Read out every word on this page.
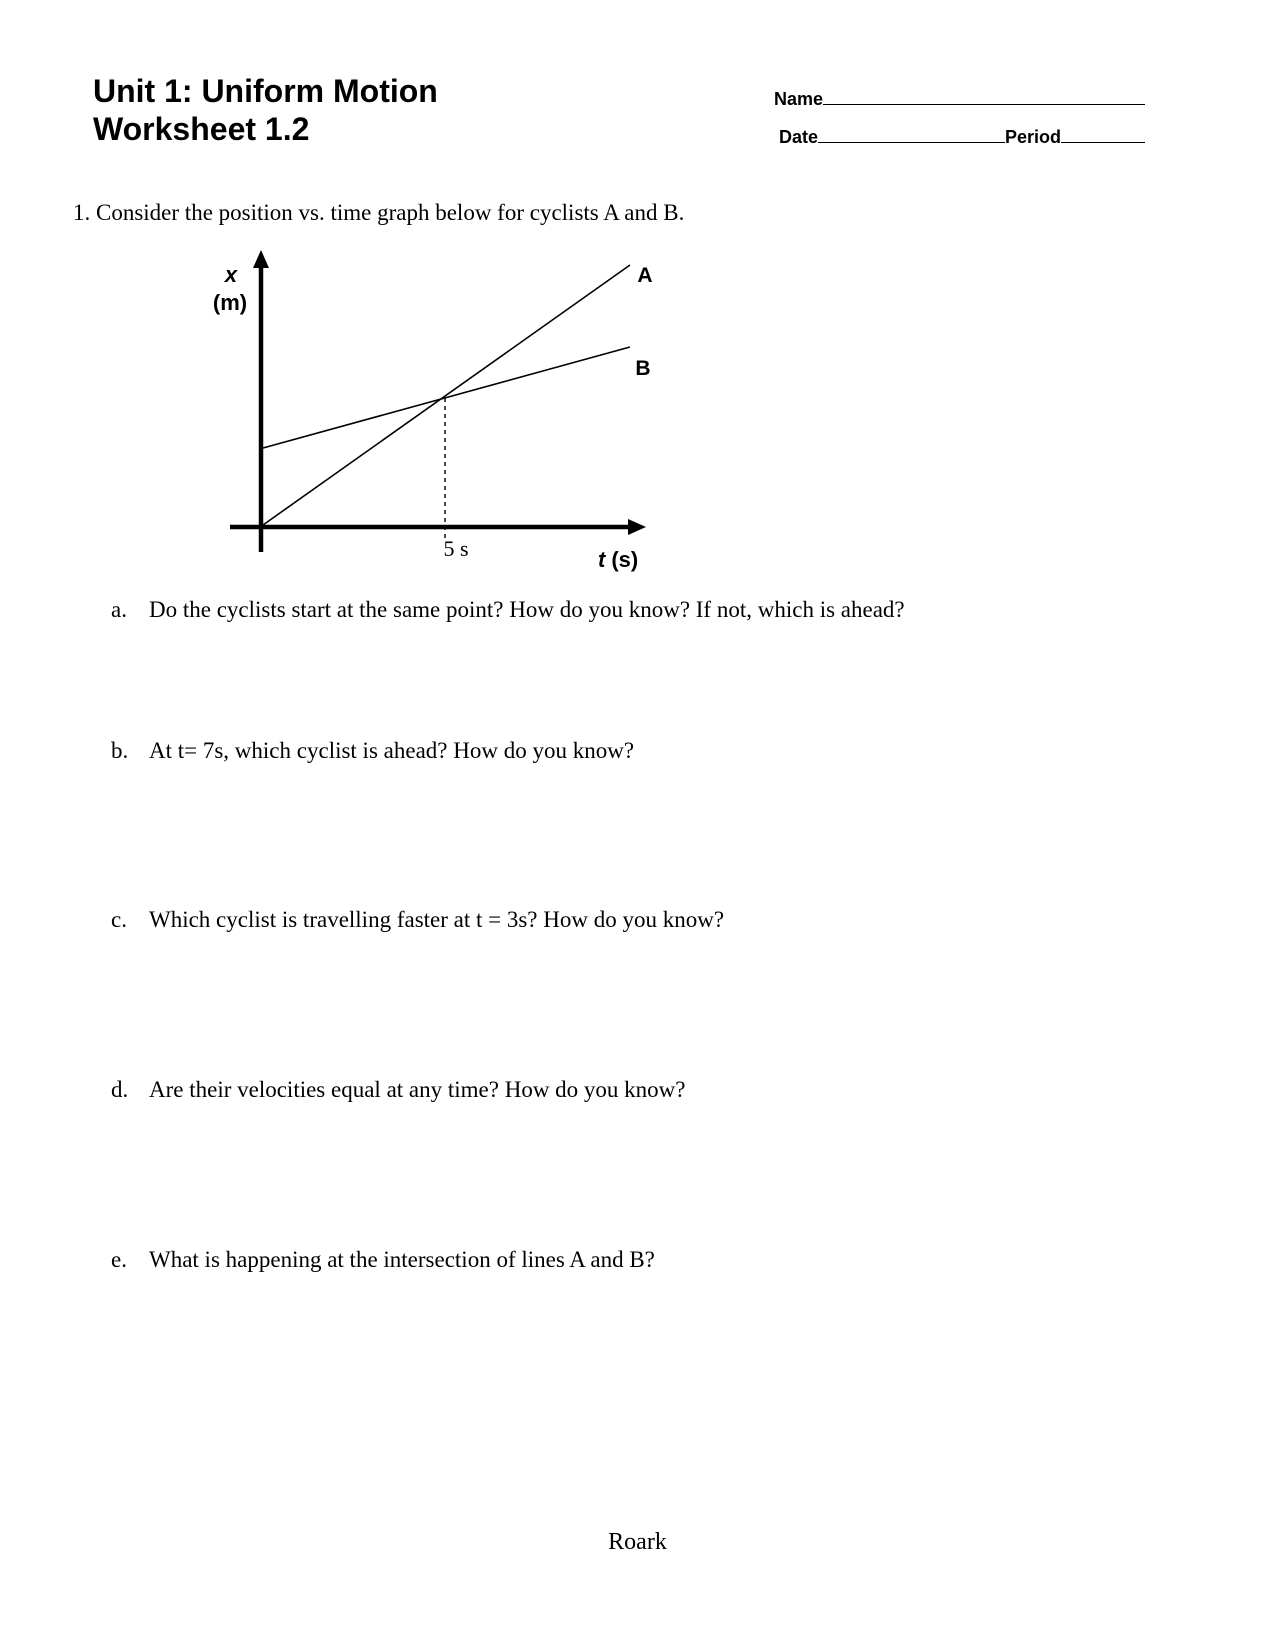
Unit 1: Uniform Motion
Worksheet 1.2
Name
Date	Period
1. Consider the position vs. time graph below for cyclists A and B.
x
(m)
A
B
5 s	t (s)
a. Do the cyclists start at the same point? How do you know? If not, which is ahead?
b. At t= 7s, which cyclist is ahead? How do you know?
c. Which cyclist is travelling faster at t = 3s? How do you know?
d. Are their velocities equal at any time? How do you know?
e. What is happening at the intersection of lines A and B?
Roark
